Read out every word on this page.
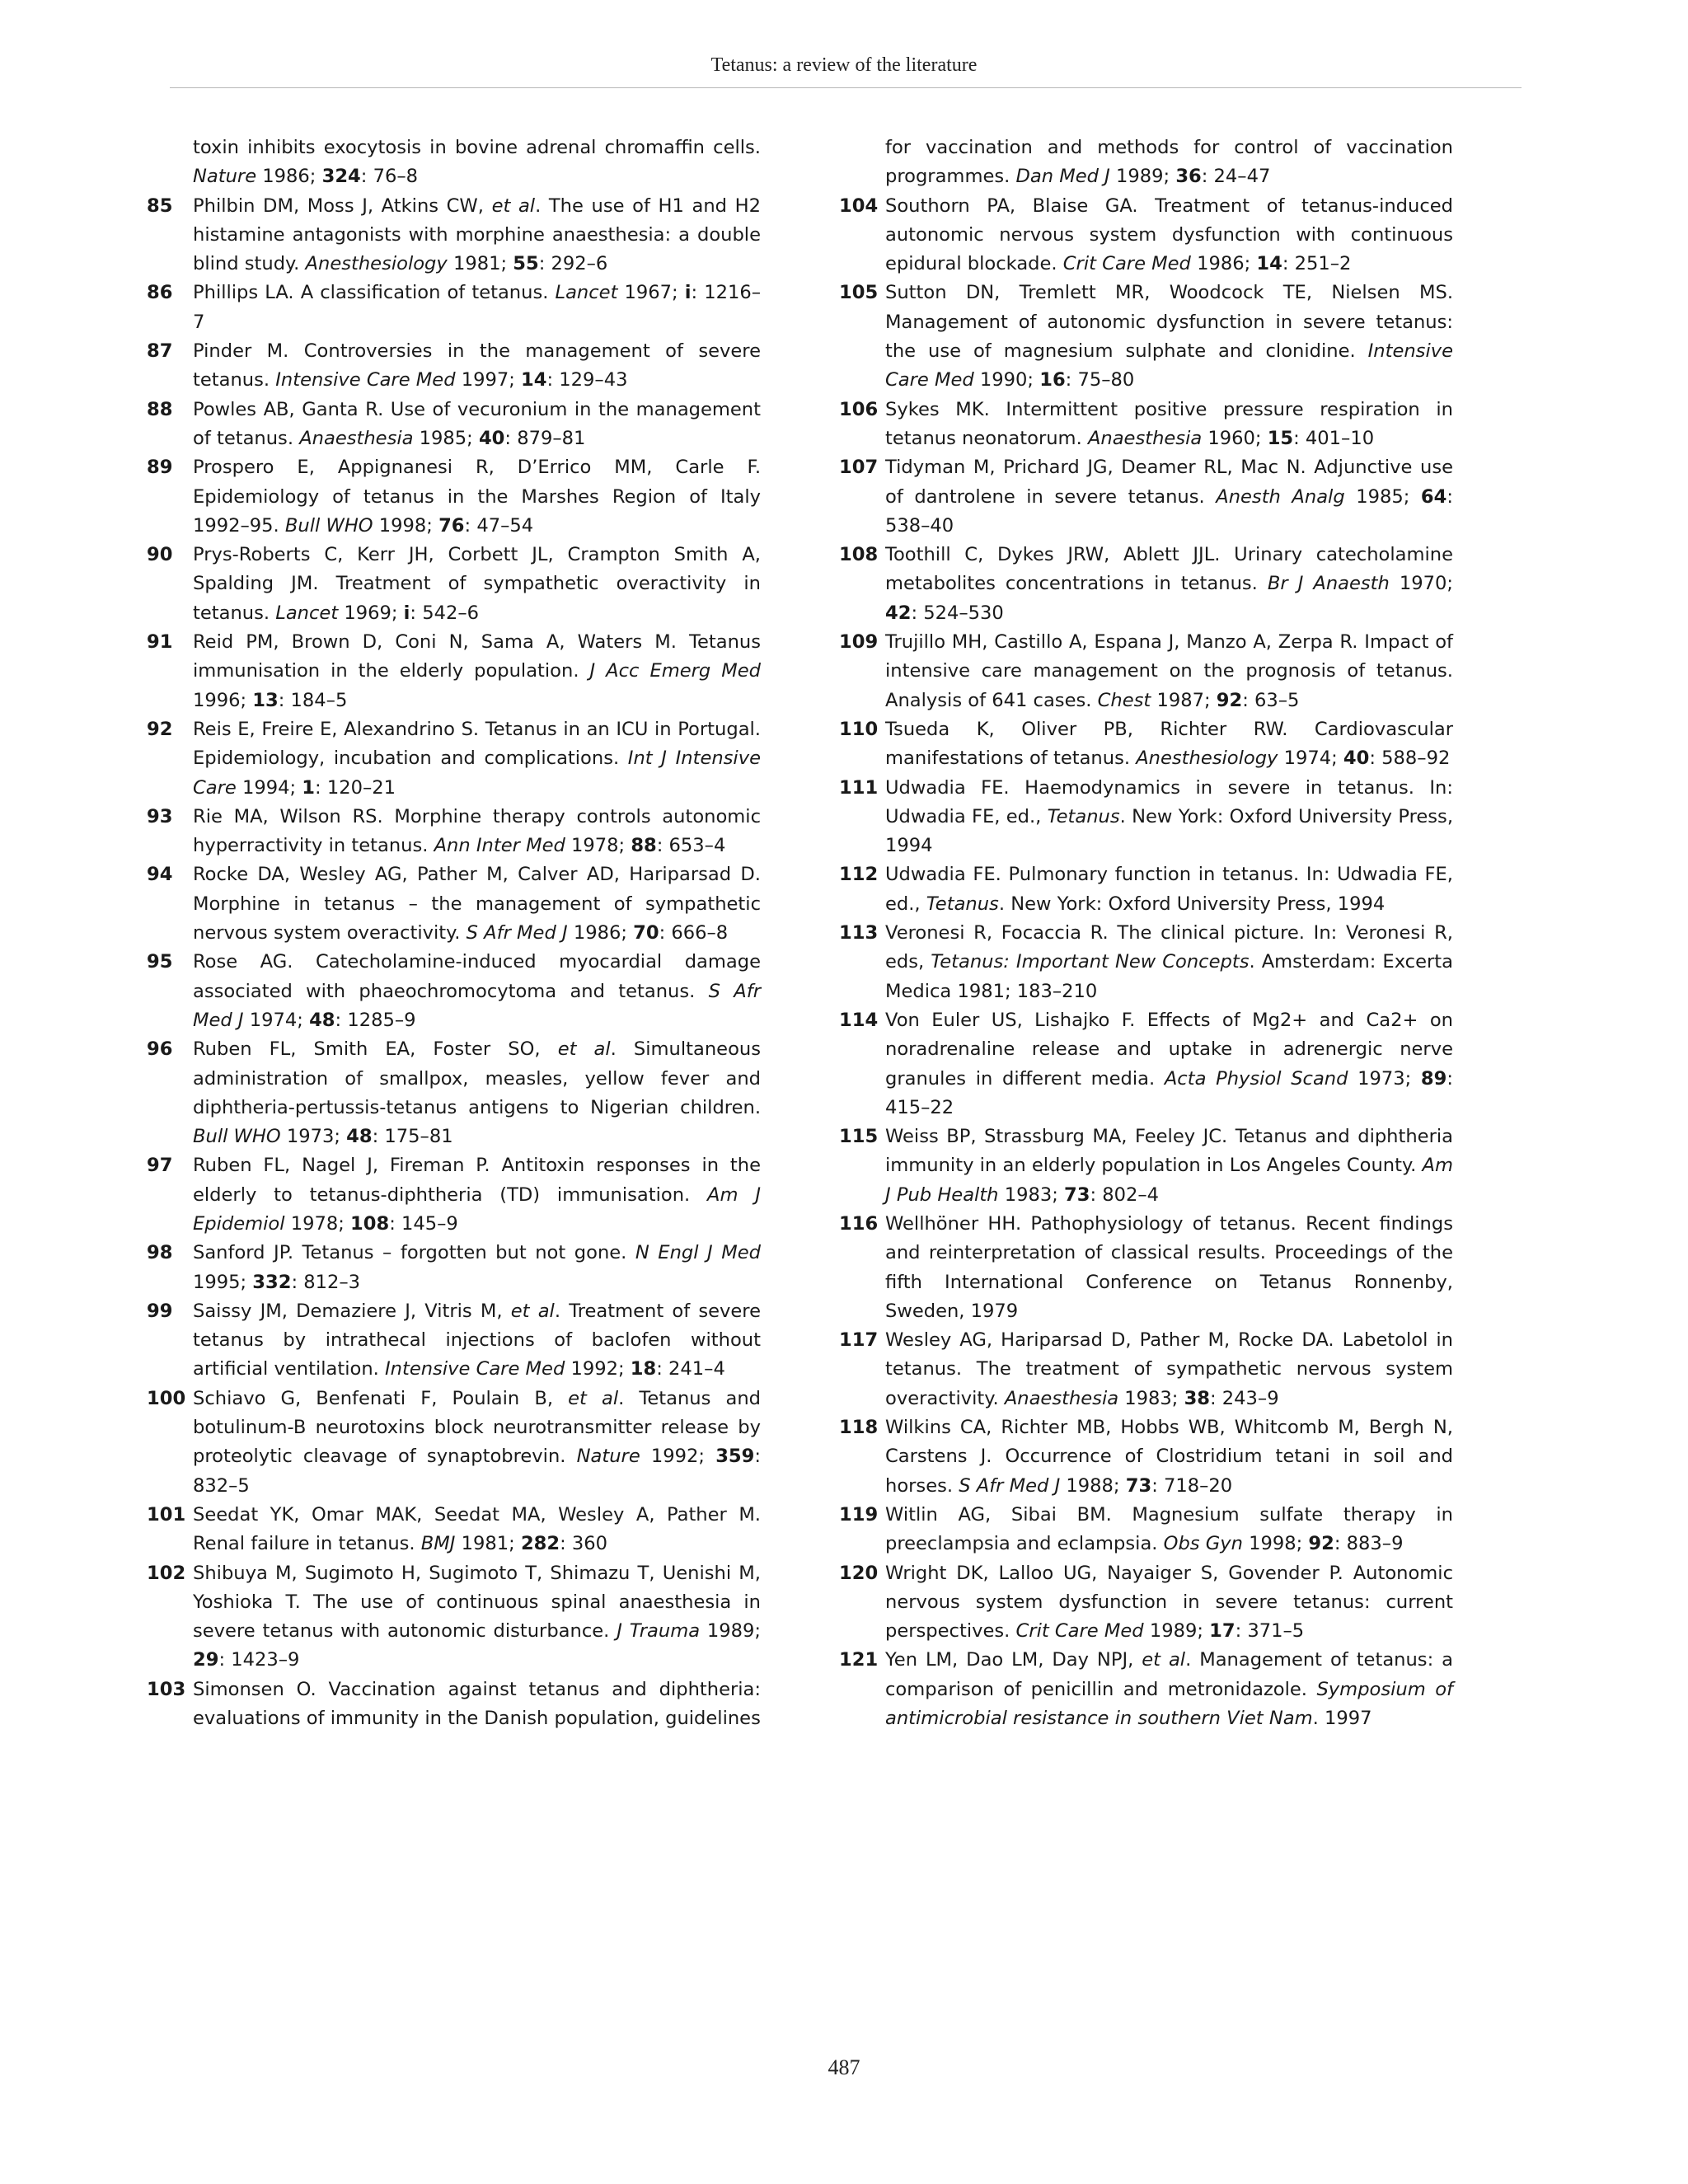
Tetanus: a review of the literature
toxin inhibits exocytosis in bovine adrenal chromaffin cells. Nature 1986; 324: 76–8
85 Philbin DM, Moss J, Atkins CW, et al. The use of H1 and H2 histamine antagonists with morphine anaesthesia: a double blind study. Anesthesiology 1981; 55: 292–6
86 Phillips LA. A classification of tetanus. Lancet 1967; i: 1216–7
87 Pinder M. Controversies in the management of severe tetanus. Intensive Care Med 1997; 14: 129–43
88 Powles AB, Ganta R. Use of vecuronium in the management of tetanus. Anaesthesia 1985; 40: 879–81
89 Prospero E, Appignanesi R, D’Errico MM, Carle F. Epidemiology of tetanus in the Marshes Region of Italy 1992–95. Bull WHO 1998; 76: 47–54
90 Prys-Roberts C, Kerr JH, Corbett JL, Crampton Smith A, Spalding JM. Treatment of sympathetic overactivity in tetanus. Lancet 1969; i: 542–6
91 Reid PM, Brown D, Coni N, Sama A, Waters M. Tetanus immunisation in the elderly population. J Acc Emerg Med 1996; 13: 184–5
92 Reis E, Freire E, Alexandrino S. Tetanus in an ICU in Portugal. Epidemiology, incubation and complications. Int J Intensive Care 1994; 1: 120–21
93 Rie MA, Wilson RS. Morphine therapy controls autonomic hyperractivity in tetanus. Ann Inter Med 1978; 88: 653–4
94 Rocke DA, Wesley AG, Pather M, Calver AD, Hariparsad D. Morphine in tetanus – the management of sympathetic nervous system overactivity. S Afr Med J 1986; 70: 666–8
95 Rose AG. Catecholamine-induced myocardial damage associated with phaeochromocytoma and tetanus. S Afr Med J 1974; 48: 1285–9
96 Ruben FL, Smith EA, Foster SO, et al. Simultaneous administration of smallpox, measles, yellow fever and diphtheria-pertussis-tetanus antigens to Nigerian children. Bull WHO 1973; 48: 175–81
97 Ruben FL, Nagel J, Fireman P. Antitoxin responses in the elderly to tetanus-diphtheria (TD) immunisation. Am J Epidemiol 1978; 108: 145–9
98 Sanford JP. Tetanus – forgotten but not gone. N Engl J Med 1995; 332: 812–3
99 Saissy JM, Demaziere J, Vitris M, et al. Treatment of severe tetanus by intrathecal injections of baclofen without artificial ventilation. Intensive Care Med 1992; 18: 241–4
100 Schiavo G, Benfenati F, Poulain B, et al. Tetanus and botulinum-B neurotoxins block neurotransmitter release by proteolytic cleavage of synaptobrevin. Nature 1992; 359: 832–5
101 Seedat YK, Omar MAK, Seedat MA, Wesley A, Pather M. Renal failure in tetanus. BMJ 1981; 282: 360
102 Shibuya M, Sugimoto H, Sugimoto T, Shimazu T, Uenishi M, Yoshioka T. The use of continuous spinal anaesthesia in severe tetanus with autonomic disturbance. J Trauma 1989; 29: 1423–9
103 Simonsen O. Vaccination against tetanus and diphtheria: evaluations of immunity in the Danish population, guidelines
for vaccination and methods for control of vaccination programmes. Dan Med J 1989; 36: 24–47
104 Southorn PA, Blaise GA. Treatment of tetanus-induced autonomic nervous system dysfunction with continuous epidural blockade. Crit Care Med 1986; 14: 251–2
105 Sutton DN, Tremlett MR, Woodcock TE, Nielsen MS. Management of autonomic dysfunction in severe tetanus: the use of magnesium sulphate and clonidine. Intensive Care Med 1990; 16: 75–80
106 Sykes MK. Intermittent positive pressure respiration in tetanus neonatorum. Anaesthesia 1960; 15: 401–10
107 Tidyman M, Prichard JG, Deamer RL, Mac N. Adjunctive use of dantrolene in severe tetanus. Anesth Analg 1985; 64: 538–40
108 Toothill C, Dykes JRW, Ablett JJL. Urinary catecholamine metabolites concentrations in tetanus. Br J Anaesth 1970; 42: 524–530
109 Trujillo MH, Castillo A, Espana J, Manzo A, Zerpa R. Impact of intensive care management on the prognosis of tetanus. Analysis of 641 cases. Chest 1987; 92: 63–5
110 Tsueda K, Oliver PB, Richter RW. Cardiovascular manifestations of tetanus. Anesthesiology 1974; 40: 588–92
111 Udwadia FE. Haemodynamics in severe in tetanus. In: Udwadia FE, ed., Tetanus. New York: Oxford University Press, 1994
112 Udwadia FE. Pulmonary function in tetanus. In: Udwadia FE, ed., Tetanus. New York: Oxford University Press, 1994
113 Veronesi R, Focaccia R. The clinical picture. In: Veronesi R, eds, Tetanus: Important New Concepts. Amsterdam: Excerta Medica 1981; 183–210
114 Von Euler US, Lishajko F. Effects of Mg2+ and Ca2+ on noradrenaline release and uptake in adrenergic nerve granules in different media. Acta Physiol Scand 1973; 89: 415–22
115 Weiss BP, Strassburg MA, Feeley JC. Tetanus and diphtheria immunity in an elderly population in Los Angeles County. Am J Pub Health 1983; 73: 802–4
116 Wellhöner HH. Pathophysiology of tetanus. Recent findings and reinterpretation of classical results. Proceedings of the fifth International Conference on Tetanus Ronnenby, Sweden, 1979
117 Wesley AG, Hariparsad D, Pather M, Rocke DA. Labetolol in tetanus. The treatment of sympathetic nervous system overactivity. Anaesthesia 1983; 38: 243–9
118 Wilkins CA, Richter MB, Hobbs WB, Whitcomb M, Bergh N, Carstens J. Occurrence of Clostridium tetani in soil and horses. S Afr Med J 1988; 73: 718–20
119 Witlin AG, Sibai BM. Magnesium sulfate therapy in preeclampsia and eclampsia. Obs Gyn 1998; 92: 883–9
120 Wright DK, Lalloo UG, Nayaiger S, Govender P. Autonomic nervous system dysfunction in severe tetanus: current perspectives. Crit Care Med 1989; 17: 371–5
121 Yen LM, Dao LM, Day NPJ, et al. Management of tetanus: a comparison of penicillin and metronidazole. Symposium of antimicrobial resistance in southern Viet Nam. 1997
487
